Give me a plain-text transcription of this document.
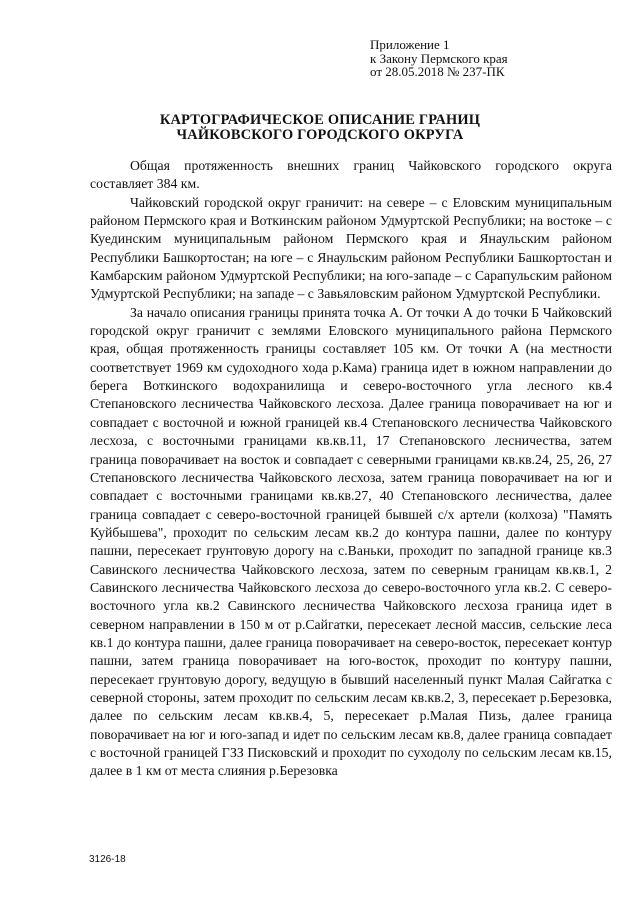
Приложение 1
к Закону Пермского края
от 28.05.2018 № 237-ПК
КАРТОГРАФИЧЕСКОЕ ОПИСАНИЕ ГРАНИЦ
ЧАЙКОВСКОГО ГОРОДСКОГО ОКРУГА

Общая протяженность внешних границ Чайковского городского округа составляет 384 км.

Чайковский городской округ граничит: на севере – с Еловским муниципальным районом Пермского края и Воткинским районом Удмуртской Республики; на востоке – с Куединским муниципальным районом Пермского края и Янаульским районом Республики Башкортостан; на юге – с Янаульским районом Республики Башкортостан и Камбарским районом Удмуртской Республики; на юго-западе – с Сарапульским районом Удмуртской Республики; на западе – с Завьяловским районом Удмуртской Республики.

За начало описания границы принята точка А. От точки А до точки Б Чайковский городской округ граничит с землями Еловского муниципального района Пермского края, общая протяженность границы составляет 105 км. От точки А (на местности соответствует 1969 км судоходного хода р.Кама) граница идет в южном направлении до берега Воткинского водохранилища и северо-восточного угла лесного кв.4 Степановского лесничества Чайковского лесхоза. Далее граница поворачивает на юг и совпадает с восточной и южной границей кв.4 Степановского лесничества Чайковского лесхоза, с восточными границами кв.кв.11, 17 Степановского лесничества, затем граница поворачивает на восток и совпадает с северными границами кв.кв.24, 25, 26, 27 Степановского лесничества Чайковского лесхоза, затем граница поворачивает на юг и совпадает с восточными границами кв.кв.27, 40 Степановского лесничества, далее граница совпадает с северо-восточной границей бывшей с/х артели (колхоза) "Память Куйбышева", проходит по сельским лесам кв.2 до контура пашни, далее по контуру пашни, пересекает грунтовую дорогу на с.Ваньки, проходит по западной границе кв.3 Савинского лесничества Чайковского лесхоза, затем по северным границам кв.кв.1, 2 Савинского лесничества Чайковского лесхоза до северо-восточного угла кв.2. С северо-восточного угла кв.2 Савинского лесничества Чайковского лесхоза граница идет в северном направлении в 150 м от р.Сайгатки, пересекает лесной массив, сельские леса кв.1 до контура пашни, далее граница поворачивает на северо-восток, пересекает контур пашни, затем граница поворачивает на юго-восток, проходит по контуру пашни, пересекает грунтовую дорогу, ведущую в бывший населенный пункт Малая Сайгатка с северной стороны, затем проходит по сельским лесам кв.кв.2, 3, пересекает р.Березовка, далее по сельским лесам кв.кв.4, 5, пересекает р.Малая Пизь, далее граница поворачивает на юг и юго-запад и идет по сельским лесам кв.8, далее граница совпадает с восточной границей ГЗЗ Писковский и проходит по суходолу по сельским лесам кв.15, далее в 1 км от места слияния р.Березовка

3126-18
